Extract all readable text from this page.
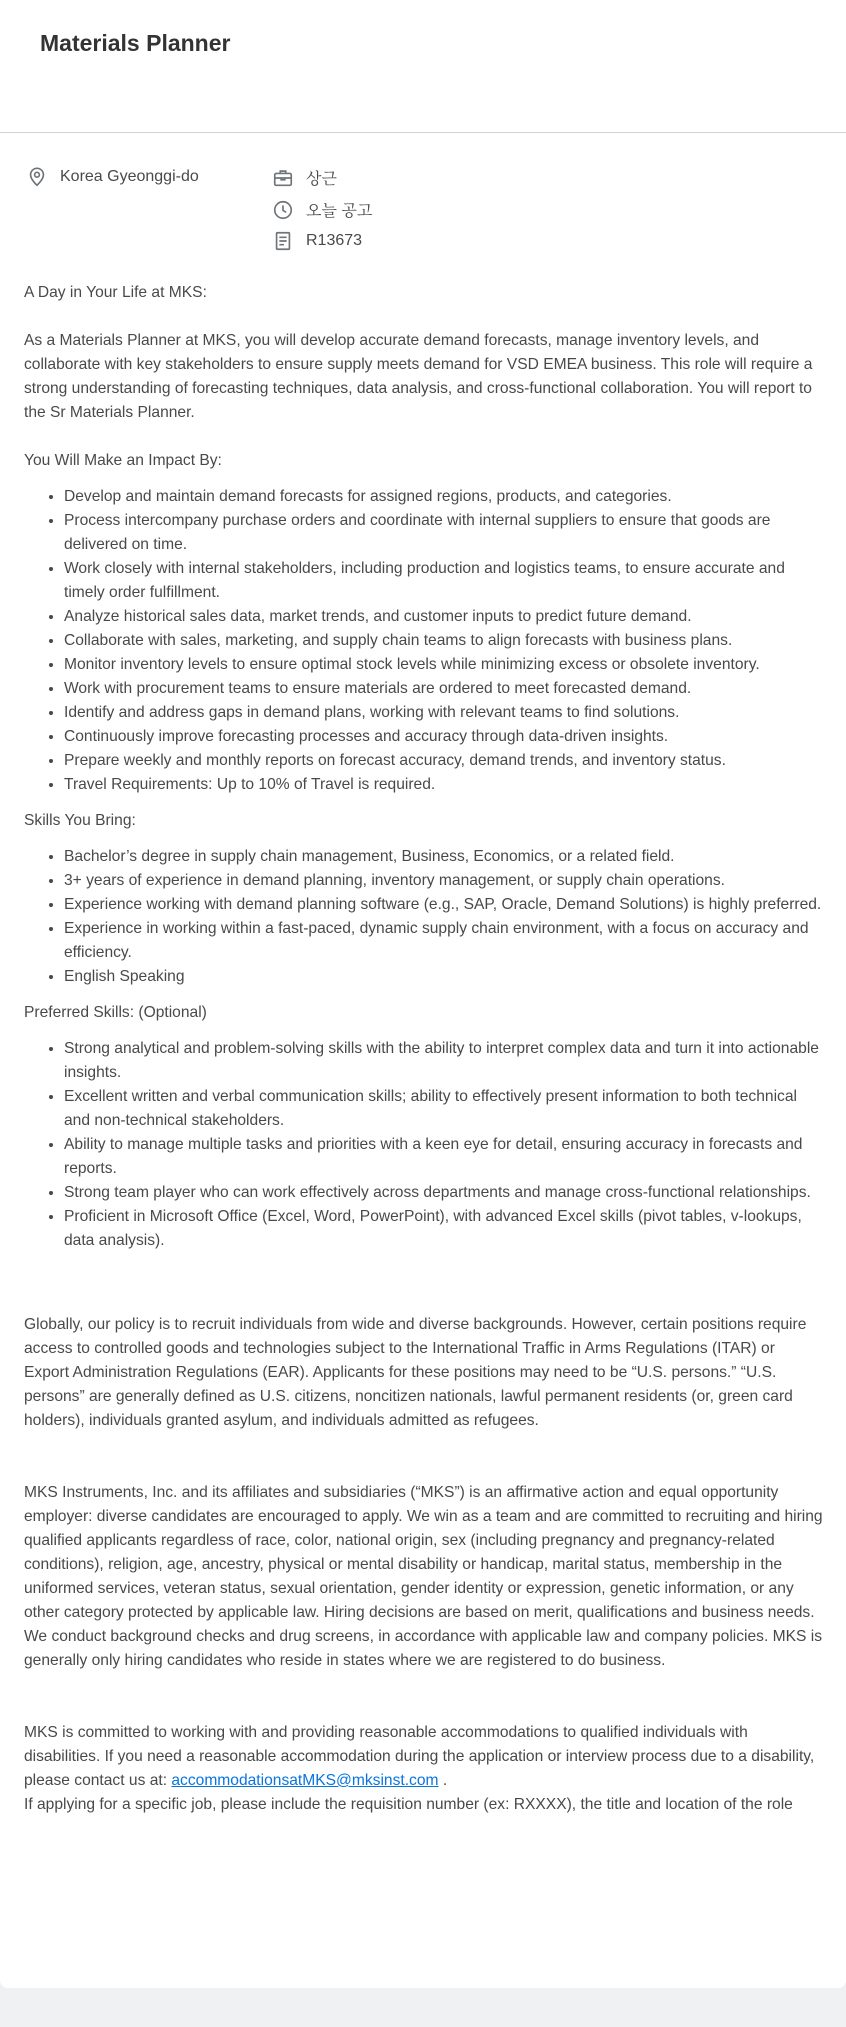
Materials Planner
Korea Gyeonggi-do	상근
오늘 공고
R13673

A Day in Your Life at MKS:

As a Materials Planner at MKS, you will develop accurate demand forecasts, manage inventory levels, and collaborate with key stakeholders to ensure supply meets demand for VSD EMEA business. This role will require a strong understanding of forecasting techniques, data analysis, and cross-functional collaboration. You will report to the Sr Materials Planner.

You Will Make an Impact By:

• Develop and maintain demand forecasts for assigned regions, products, and categories.
• Process intercompany purchase orders and coordinate with internal suppliers to ensure that goods are delivered on time.
• Work closely with internal stakeholders, including production and logistics teams, to ensure accurate and timely order fulfillment.
• Analyze historical sales data, market trends, and customer inputs to predict future demand.
• Collaborate with sales, marketing, and supply chain teams to align forecasts with business plans.
• Monitor inventory levels to ensure optimal stock levels while minimizing excess or obsolete inventory.
• Work with procurement teams to ensure materials are ordered to meet forecasted demand.
• Identify and address gaps in demand plans, working with relevant teams to find solutions.
• Continuously improve forecasting processes and accuracy through data-driven insights.
• Prepare weekly and monthly reports on forecast accuracy, demand trends, and inventory status.
• Travel Requirements: Up to 10% of Travel is required.

Skills You Bring:

• Bachelor’s degree in supply chain management, Business, Economics, or a related field.
• 3+ years of experience in demand planning, inventory management, or supply chain operations.
• Experience working with demand planning software (e.g., SAP, Oracle, Demand Solutions) is highly preferred.
• Experience in working within a fast-paced, dynamic supply chain environment, with a focus on accuracy and efficiency.
• English Speaking

Preferred Skills: (Optional)

• Strong analytical and problem-solving skills with the ability to interpret complex data and turn it into actionable insights.
• Excellent written and verbal communication skills; ability to effectively present information to both technical and non-technical stakeholders.
• Ability to manage multiple tasks and priorities with a keen eye for detail, ensuring accuracy in forecasts and reports.
• Strong team player who can work effectively across departments and manage cross-functional relationships.
• Proficient in Microsoft Office (Excel, Word, PowerPoint), with advanced Excel skills (pivot tables, v-lookups, data analysis).

Globally, our policy is to recruit individuals from wide and diverse backgrounds. However, certain positions require access to controlled goods and technologies subject to the International Traffic in Arms Regulations (ITAR) or Export Administration Regulations (EAR). Applicants for these positions may need to be “U.S. persons.” “U.S. persons” are generally defined as U.S. citizens, noncitizen nationals, lawful permanent residents (or, green card holders), individuals granted asylum, and individuals admitted as refugees.

MKS Instruments, Inc. and its affiliates and subsidiaries (“MKS”) is an affirmative action and equal opportunity employer: diverse candidates are encouraged to apply. We win as a team and are committed to recruiting and hiring qualified applicants regardless of race, color, national origin, sex (including pregnancy and pregnancy-related conditions), religion, age, ancestry, physical or mental disability or handicap, marital status, membership in the uniformed services, veteran status, sexual orientation, gender identity or expression, genetic information, or any other category protected by applicable law. Hiring decisions are based on merit, qualifications and business needs. We conduct background checks and drug screens, in accordance with applicable law and company policies. MKS is generally only hiring candidates who reside in states where we are registered to do business.

MKS is committed to working with and providing reasonable accommodations to qualified individuals with disabilities. If you need a reasonable accommodation during the application or interview process due to a disability, please contact us at: accommodationsatMKS@mksinst.com .

If applying for a specific job, please include the requisition number (ex: RXXXX), the title and location of the role
